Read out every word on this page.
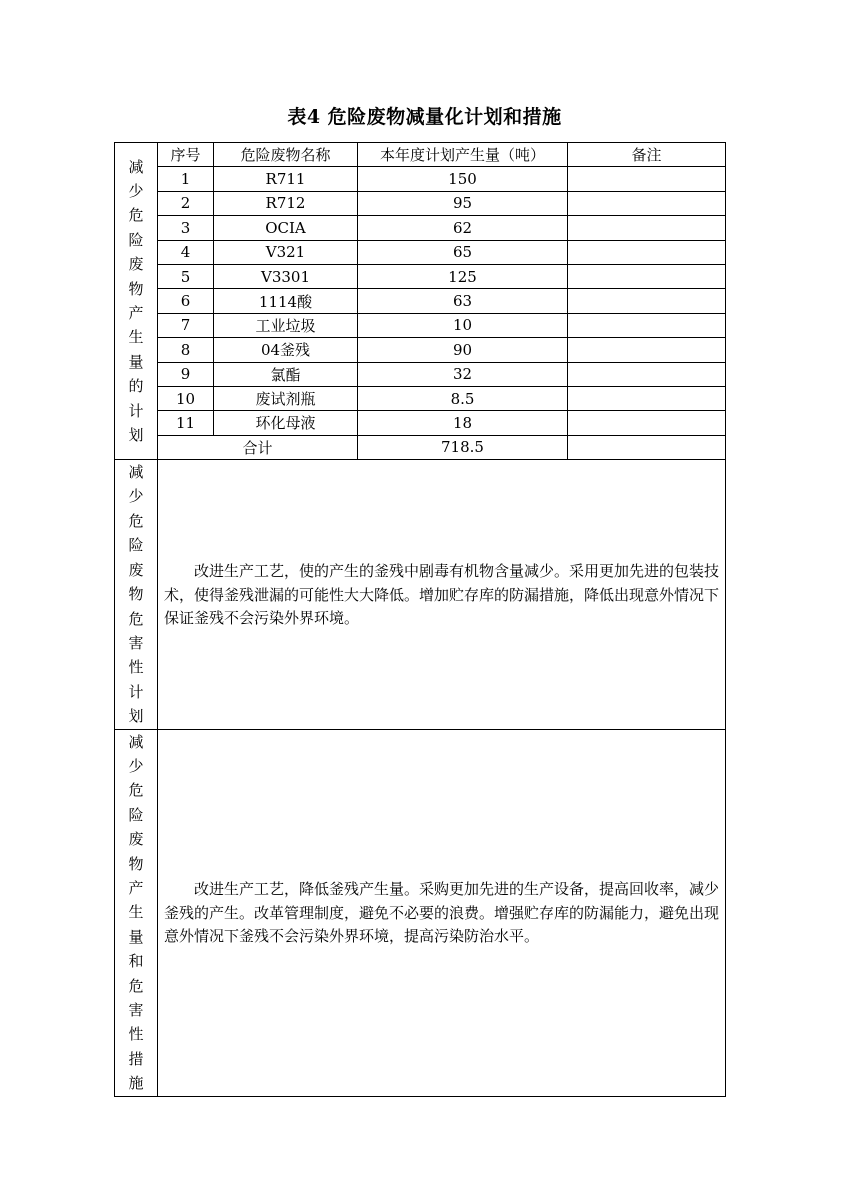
表4 危险废物减量化计划和措施
减少危险废物产生量的计划	序号	危险废物名称	本年度计划产生量（吨）	备注
	1	R711	150	
	2	R712	95	
	3	OCIA	62	
	4	V321	65	
	5	V3301	125	
	6	1114酸	63	
	7	工业垃圾	10	
	8	04釜残	90	
	9	氯酯	32	
	10	废试剂瓶	8.5	
	11	环化母液	18	
	合计		718.5	

减少危险废物危害性计划	改进生产工艺，使的产生的釜残中剧毒有机物含量减少。采用更加先进的包装技术，使得釜残泄漏的可能性大大降低。增加贮存库的防漏措施，降低出现意外情况下保证釜残不会污染外界环境。			

减少危险废物产生量和危害性措施	改进生产工艺，降低釜残产生量。采购更加先进的生产设备，提高回收率，减少釜残的产生。改革管理制度，避免不必要的浪费。增强贮存库的防漏能力，避免出现意外情况下釜残不会污染外界环境，提高污染防治水平。			
